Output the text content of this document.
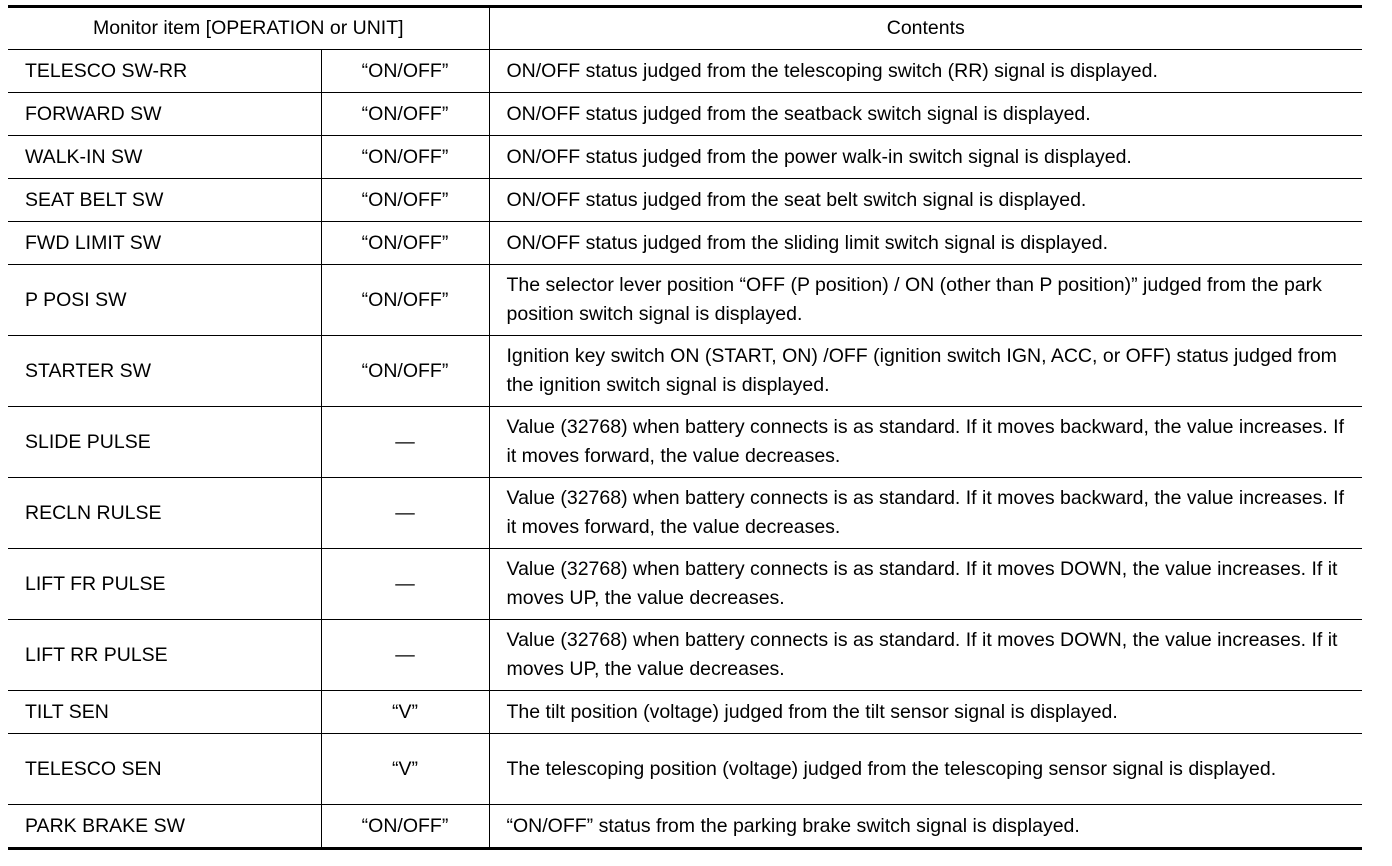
Monitor item [OPERATION or UNIT]		Contents
TELESCO SW-RR	“ON/OFF”	ON/OFF status judged from the telescoping switch (RR) signal is displayed.
FORWARD SW	“ON/OFF”	ON/OFF status judged from the seatback switch signal is displayed.
WALK-IN SW	“ON/OFF”	ON/OFF status judged from the power walk-in switch signal is displayed.
SEAT BELT SW	“ON/OFF”	ON/OFF status judged from the seat belt switch signal is displayed.
FWD LIMIT SW	“ON/OFF”	ON/OFF status judged from the sliding limit switch signal is displayed.
P POSI SW	“ON/OFF”	The selector lever position “OFF (P position) / ON (other than P position)” judged from the park position switch signal is displayed.
STARTER SW	“ON/OFF”	Ignition key switch ON (START, ON) /OFF (ignition switch IGN, ACC, or OFF) status judged from the ignition switch signal is displayed.
SLIDE PULSE	—	Value (32768) when battery connects is as standard. If it moves backward, the value increases. If it moves forward, the value decreases.
RECLN RULSE	—	Value (32768) when battery connects is as standard. If it moves backward, the value increases. If it moves forward, the value decreases.
LIFT FR PULSE	—	Value (32768) when battery connects is as standard. If it moves DOWN, the value increases. If it moves UP, the value decreases.
LIFT RR PULSE	—	Value (32768) when battery connects is as standard. If it moves DOWN, the value increases. If it moves UP, the value decreases.
TILT SEN	“V”	The tilt position (voltage) judged from the tilt sensor signal is displayed.
TELESCO SEN	“V”	The telescoping position (voltage) judged from the telescoping sensor signal is displayed.
PARK BRAKE SW	“ON/OFF”	“ON/OFF” status from the parking brake switch signal is displayed.
